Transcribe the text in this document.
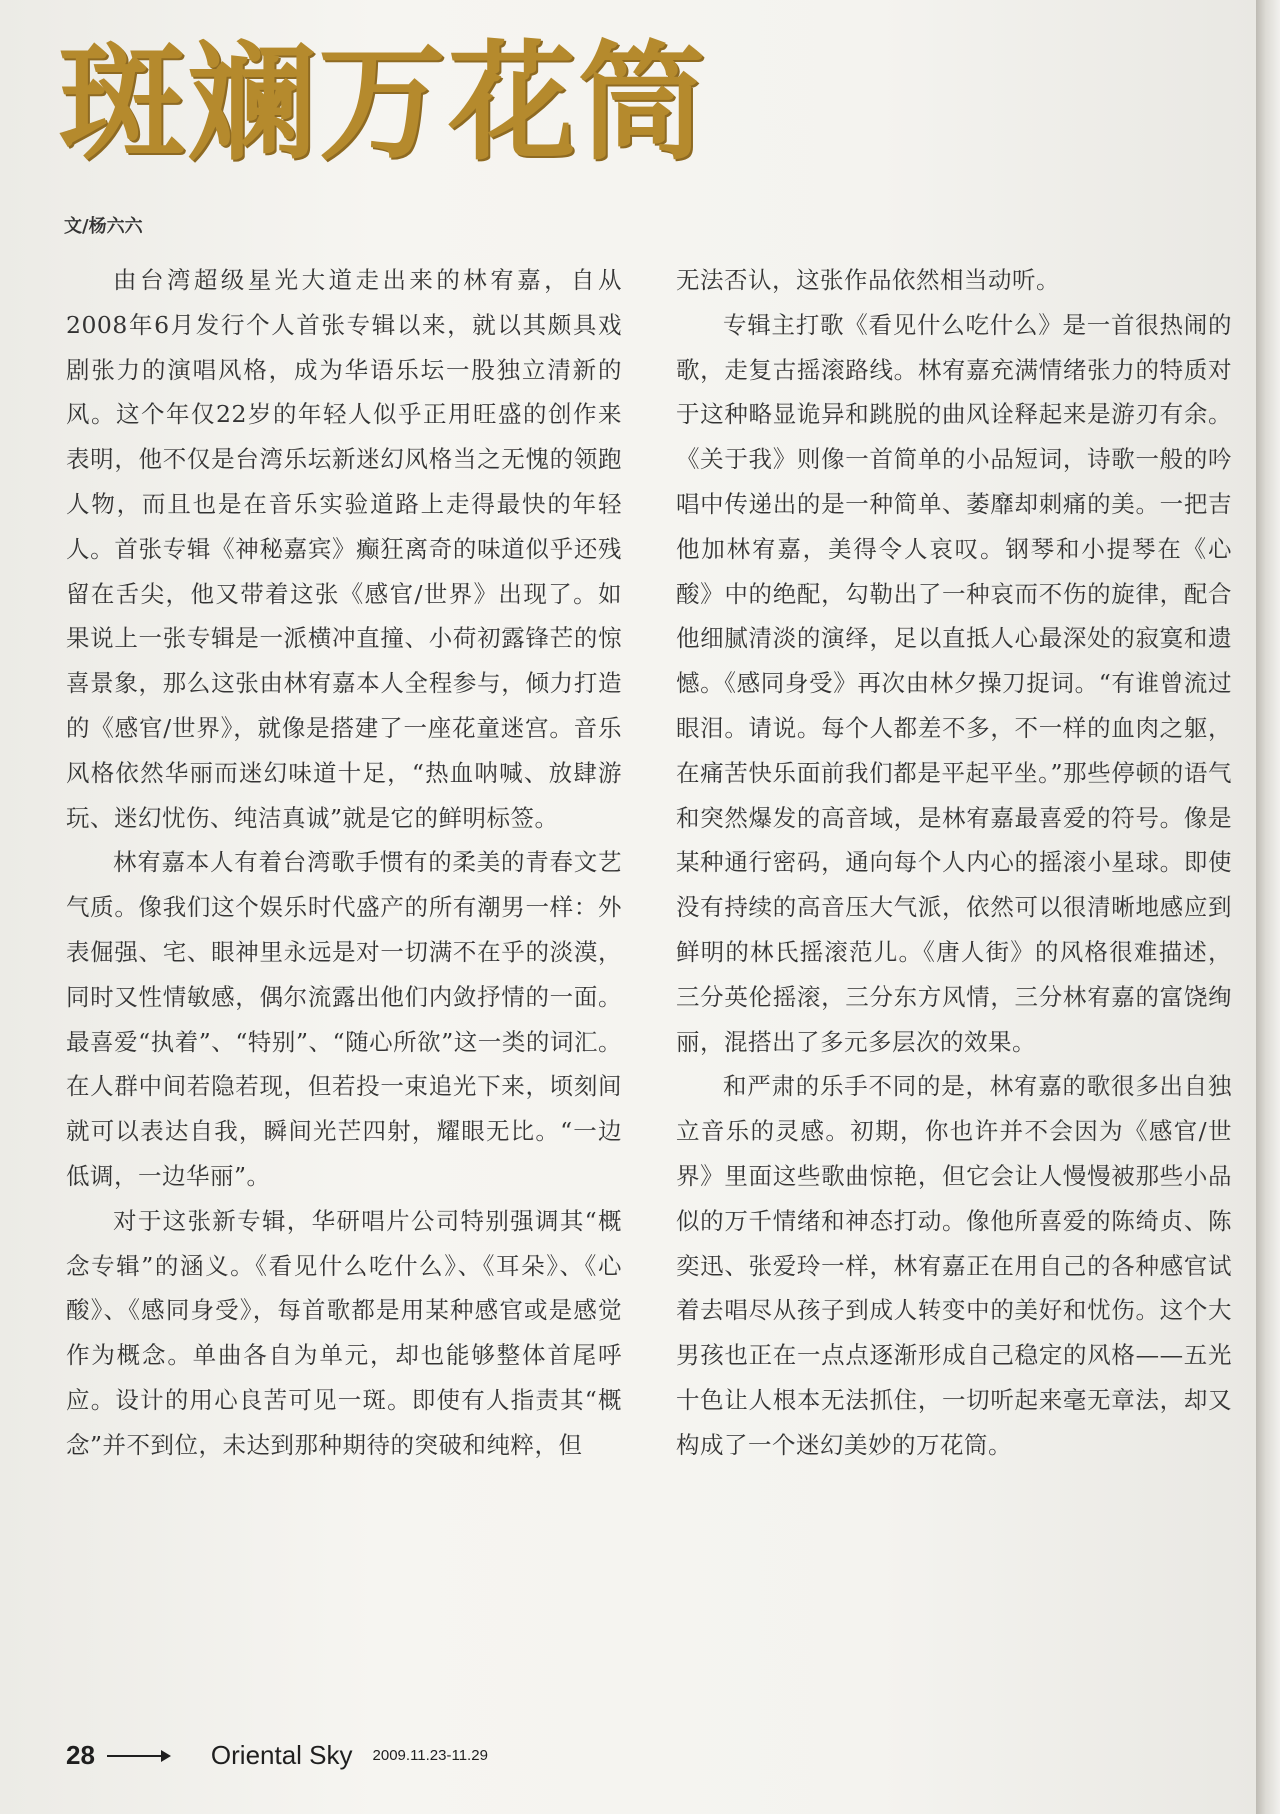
斑斓万花筒
文/杨六六

由台湾超级星光大道走出来的林宥嘉，自从2008年6月发行个人首张专辑以来，就以其颇具戏剧张力的演唱风格，成为华语乐坛一股独立清新的风。这个年仅22岁的年轻人似乎正用旺盛的创作来表明，他不仅是台湾乐坛新迷幻风格当之无愧的领跑人物，而且也是在音乐实验道路上走得最快的年轻人。首张专辑《神秘嘉宾》癫狂离奇的味道似乎还残留在舌尖，他又带着这张《感官/世界》出现了。如果说上一张专辑是一派横冲直撞、小荷初露锋芒的惊喜景象，那么这张由林宥嘉本人全程参与，倾力打造的《感官/世界》，就像是搭建了一座花童迷宫。音乐风格依然华丽而迷幻味道十足，“热血呐喊、放肆游玩、迷幻忧伤、纯洁真诚”就是它的鲜明标签。

林宥嘉本人有着台湾歌手惯有的柔美的青春文艺气质。像我们这个娱乐时代盛产的所有潮男一样：外表倔强、宅、眼神里永远是对一切满不在乎的淡漠，同时又性情敏感，偶尔流露出他们内敛抒情的一面。最喜爱“执着”、“特别”、“随心所欲”这一类的词汇。在人群中间若隐若现，但若投一束追光下来，顷刻间就可以表达自我，瞬间光芒四射，耀眼无比。“一边低调，一边华丽”。

对于这张新专辑，华研唱片公司特别强调其“概念专辑”的涵义。《看见什么吃什么》、《耳朵》、《心酸》、《感同身受》，每首歌都是用某种感官或是感觉作为概念。单曲各自为单元，却也能够整体首尾呼应。设计的用心良苦可见一斑。即使有人指责其“概念”并不到位，未达到那种期待的突破和纯粹，但

无法否认，这张作品依然相当动听。

专辑主打歌《看见什么吃什么》是一首很热闹的歌，走复古摇滚路线。林宥嘉充满情绪张力的特质对于这种略显诡异和跳脱的曲风诠释起来是游刃有余。《关于我》则像一首简单的小品短词，诗歌一般的吟唱中传递出的是一种简单、萎靡却刺痛的美。一把吉他加林宥嘉，美得令人哀叹。钢琴和小提琴在《心酸》中的绝配，勾勒出了一种哀而不伤的旋律，配合他细腻清淡的演绎，足以直抵人心最深处的寂寞和遗憾。《感同身受》再次由林夕操刀捉词。“有谁曾流过眼泪。请说。每个人都差不多，不一样的血肉之躯，在痛苦快乐面前我们都是平起平坐。”那些停顿的语气和突然爆发的高音域，是林宥嘉最喜爱的符号。像是某种通行密码，通向每个人内心的摇滚小星球。即使没有持续的高音压大气派，依然可以很清晰地感应到鲜明的林氏摇滚范儿。《唐人街》的风格很难描述，三分英伦摇滚，三分东方风情，三分林宥嘉的富饶绚丽，混搭出了多元多层次的效果。

和严肃的乐手不同的是，林宥嘉的歌很多出自独立音乐的灵感。初期，你也许并不会因为《感官/世界》里面这些歌曲惊艳，但它会让人慢慢被那些小品似的万千情绪和神态打动。像他所喜爱的陈绮贞、陈奕迅、张爱玲一样，林宥嘉正在用自己的各种感官试着去唱尽从孩子到成人转变中的美好和忧伤。这个大男孩也正在一点点逐渐形成自己稳定的风格——五光十色让人根本无法抓住，一切听起来毫无章法，却又构成了一个迷幻美妙的万花筒。

28	Oriental Sky 2009.11.23-11.29
